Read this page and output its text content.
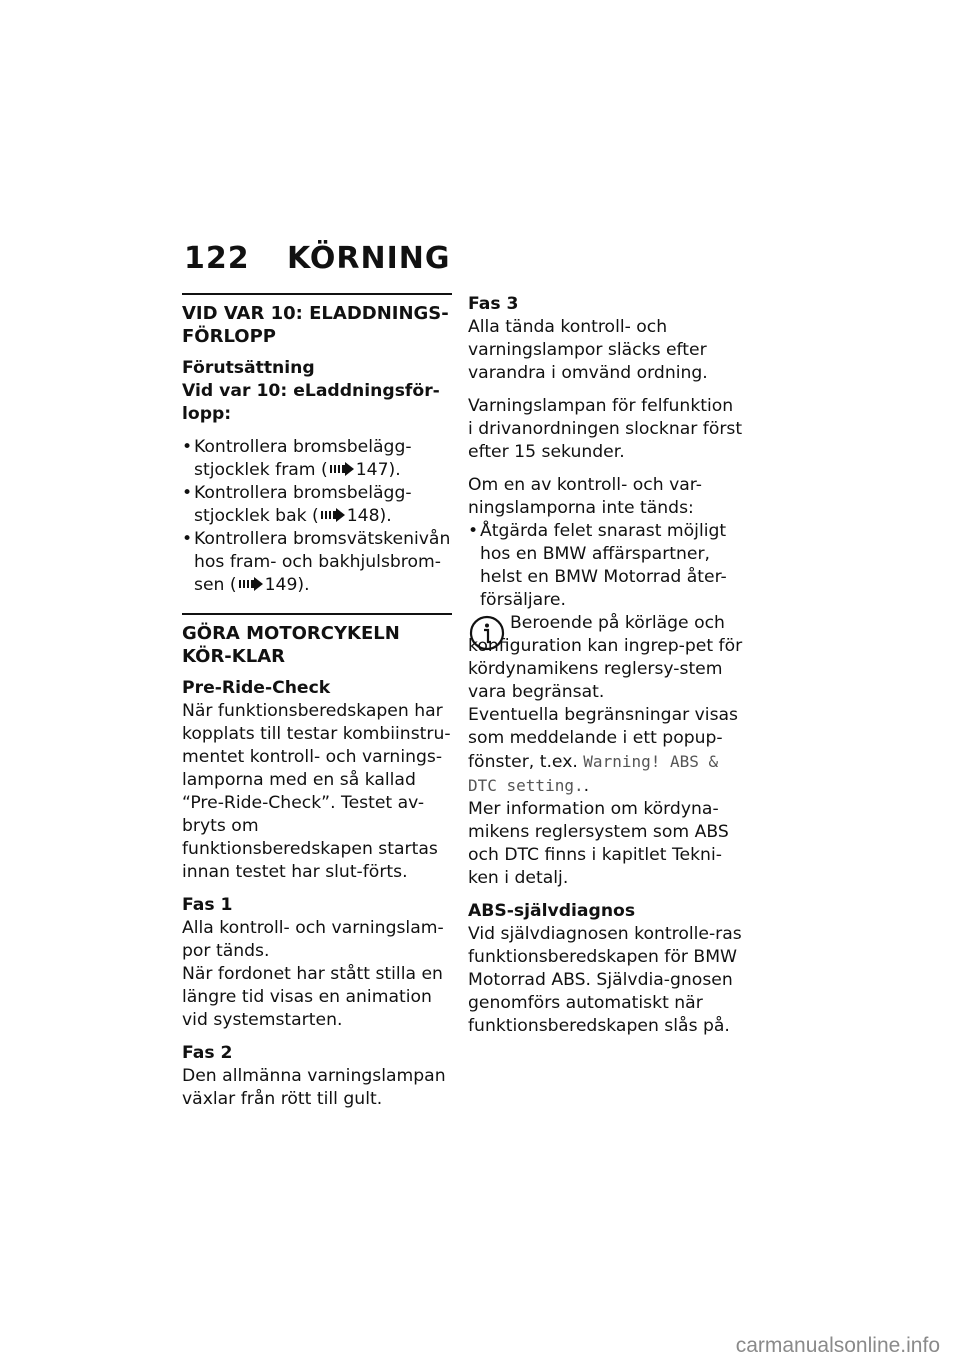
122 KÖRNING
VID VAR 10: ELADDNINGS-FÖRLOPP
Förutsättning
Vid var 10: eLaddningsför-lopp:
• Kontrollera bromsbelägg-stjocklek fram ( 147).
• Kontrollera bromsbelägg-stjocklek bak ( 148).
• Kontrollera bromsvätskenivån hos fram- och bakhjulsbrom-sen ( 149).
GÖRA MOTORCYKELN KÖR-KLAR
Pre-Ride-Check

När funktionsberedskapen har kopplats till testar kombiinstru-mentet kontroll- och varnings-lamporna med en så kallad “Pre-Ride-Check”. Testet av-bryts om funktionsberedskapen startas innan testet har slut-förts.

Fas 1

Alla kontroll- och varningslam-por tänds.

När fordonet har stått stilla en längre tid visas en animation vid systemstarten.

Fas 2

Den allmänna varningslampan växlar från rött till gult.

Fas 3

Alla tända kontroll- och varningslampor släcks efter varandra i omvänd ordning.

Varningslampan för felfunktion i drivanordningen slocknar först efter 15 sekunder.

Om en av kontroll- och var-ningslamporna inte tänds:

• Åtgärda felet snarast möjligt hos en BMW affärspartner, helst en BMW Motorrad åter-försäljare.

Beroende på körläge och konfiguration kan ingrep-pet för kördynamikens reglersy-stem vara begränsat.

Eventuella begränsningar visas som meddelande i ett popup-fönster, t.ex. Warning! ABS & DTC setting..

Mer information om kördyna-mikens reglersystem som ABS och DTC finns i kapitlet Tekni-ken i detalj.

ABS-självdiagnos

Vid självdiagnosen kontrolle-ras funktionsberedskapen för BMW Motorrad ABS. Självdia-gnosen genomförs automatiskt när funktionsberedskapen slås på.

carmanualsonline.info
